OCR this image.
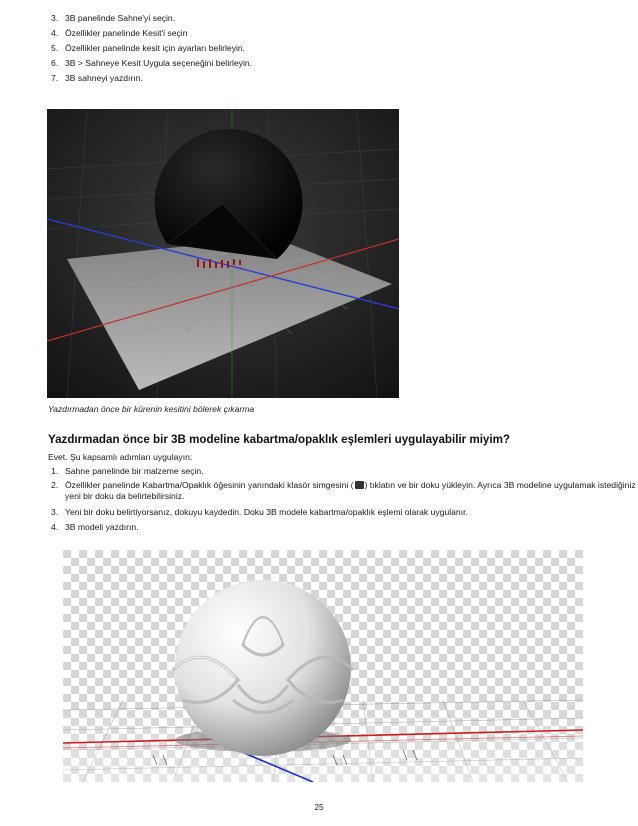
3. 3B panelinde Sahne'yi seçin.
4. Özellikler panelinde Kesit'i seçin
5. Özellikler panelinde kesit için ayarları belirleyin.
6. 3B > Sahneye Kesit Uygula seçeneğini belirleyin.
7. 3B sahneyi yazdırın.
·· ·
· ··
··
Yazdırmadan önce bir kürenin kesitini bölerek çıkarma
Yazdırmadan önce bir 3B modeline kabartma/opaklık eşlemleri uygulayabilir miyim?
Evet. Şu kapsamlı adımları uygulayın:
1. Sahne panelinde bir malzeme seçin.
2. Özellikler panelinde Kabartma/Opaklık öğesinin yanındaki klasör simgesini ( ) tıklatın ve bir doku yükleyin. Ayrıca 3B modeline uygulamak istediğiniz yeni bir doku da belirtebilirsiniz.
3. Yeni bir doku belirtiyorsanız, dokuyu kaydedin. Doku 3B modele kabartma/opaklık eşlemi olarak uygulanır.
4. 3B modeli yazdırın.
25
